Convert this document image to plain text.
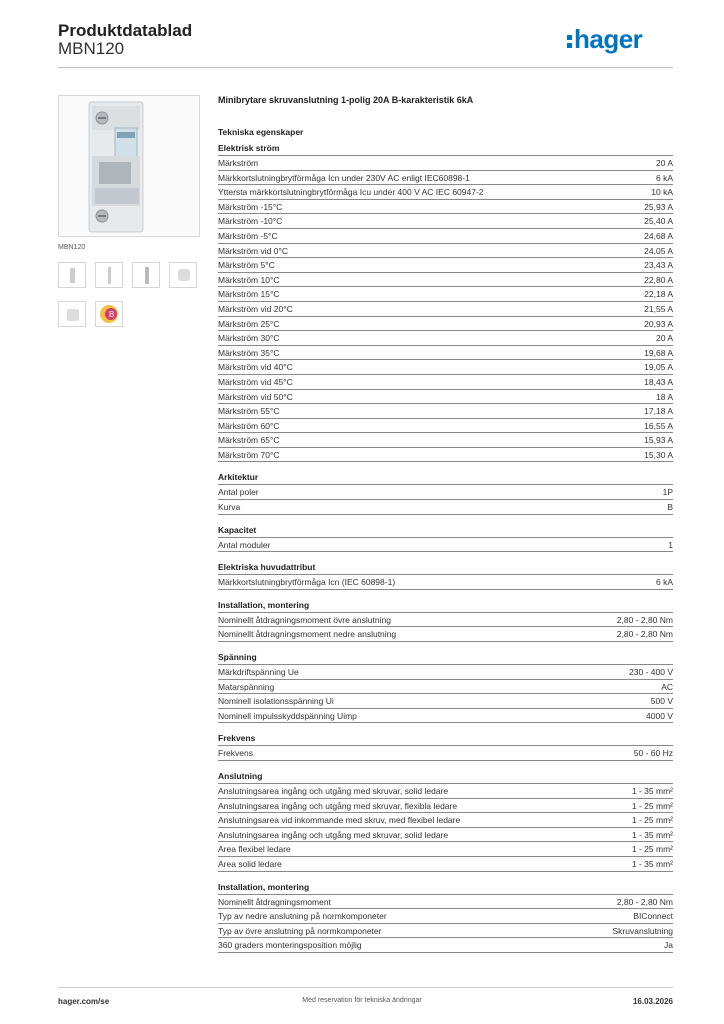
Produktdatablad
MBN120	hager
MBN120
B
Minibrytare skruvanslutning 1-polig 20A B-karakteristik 6kA
Tekniska egenskaper
Elektrisk ström
Märkström	20 A
Märkkortslutningbrytförmåga Icn under 230V AC enligt IEC60898-1	6 kA
Yttersta märkkortslutningbrytförmåga Icu under 400 V AC IEC 60947-2	10 kA
Märkström -15°C	25,93 A
Märkström -10°C	25,40 A
Märkström -5°C	24,68 A
Märkström vid 0°C	24,05 A
Märkström 5°C	23,43 A
Märkström 10°C	22,80 A
Märkström 15°C	22,18 A
Märkström vid 20°C	21,55 A
Märkström 25°C	20,93 A
Märkström 30°C	20 A
Märkström 35°C	19,68 A
Märkström vid 40°C	19,05 A
Märkström vid 45°C	18,43 A
Märkström vid 50°C	18 A
Märkström 55°C	17,18 A
Märkström 60°C	16,55 A
Märkström 65°C	15,93 A
Märkström 70°C	15,30 A
Arkitektur
Antal poler	1P
Kurva	B
Kapacitet
Antal moduler	1
Elektriska huvudattribut
Märkkortslutningbrytförmåga Icn (IEC 60898-1)	6 kA
Installation, montering
Nominellt åtdragningsmoment övre anslutning	2,80 - 2,80 Nm
Nominellt åtdragningsmoment nedre anslutning	2,80 - 2,80 Nm
Spänning
Märkdriftspänning Ue	230 - 400 V
Matarspänning	AC
Nominell isolationsspänning Ui	500 V
Nominell impulsskyddspänning Uimp	4000 V
Frekvens
Frekvens	50 - 60 Hz
Anslutning
Anslutningsarea ingång och utgång med skruvar, solid ledare	1 - 35 mm²
Anslutningsarea ingång och utgång med skruvar, flexibla ledare	1 - 25 mm²
Anslutningsarea vid inkommande med skruv, med flexibel ledare	1 - 25 mm²
Anslutningsarea ingång och utgång med skruvar, solid ledare	1 - 35 mm²
Area flexibel ledare	1 - 25 mm²
Area solid ledare	1 - 35 mm²
Installation, montering
Nominellt åtdragningsmoment	2,80 - 2,80 Nm
Typ av nedre anslutning på normkomponeter	BIConnect
Typ av övre anslutning på normkomponeter	Skruvanslutning
360 graders monteringsposition möjlig	Ja
hager.com/se	Med reservation för tekniska ändringar	16.03.2026
